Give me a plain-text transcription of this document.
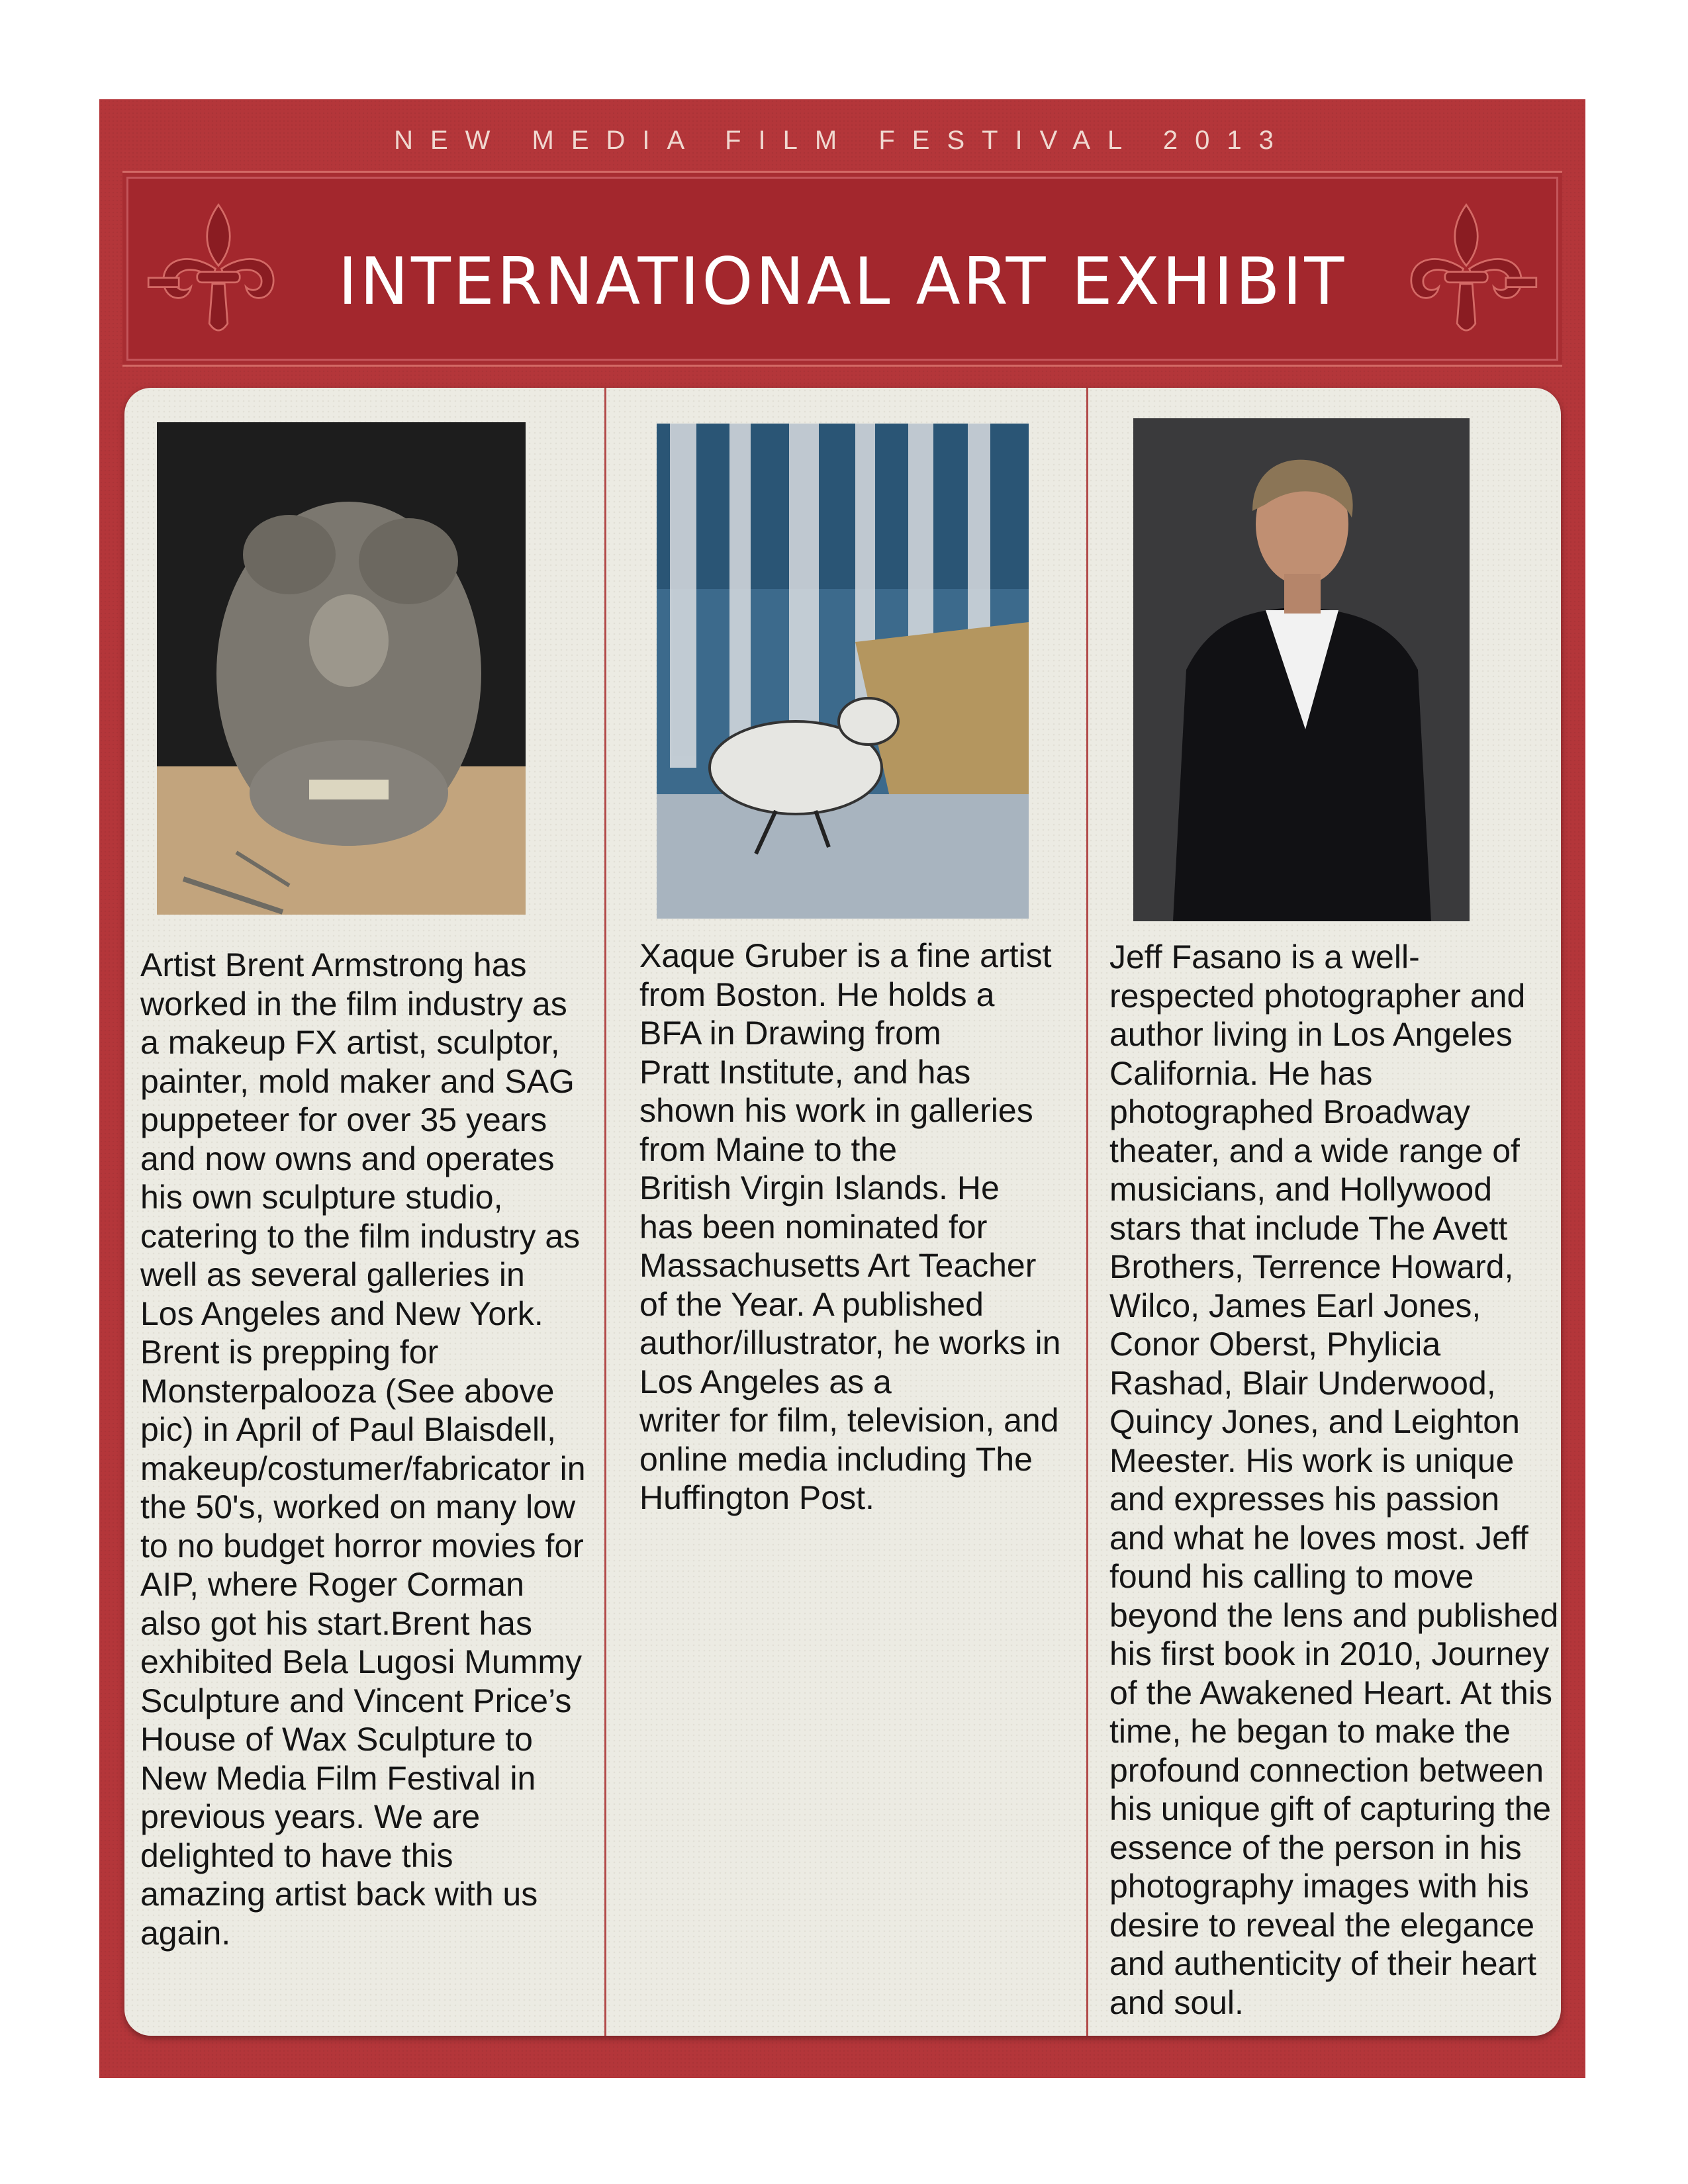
NEW MEDIA FILM FESTIVAL 2013
INTERNATIONAL ART EXHIBIT
Artist Brent Armstrong has
worked in the film industry as
a makeup FX artist, sculptor,
painter, mold maker and SAG
puppeteer for over 35 years
and now owns and operates
his own sculpture studio,
catering to the film industry as
well as several galleries in
Los Angeles and New York.
Brent is prepping for
Monsterpalooza (See above
pic) in April of Paul Blaisdell,
makeup/costumer/fabricator in
the 50's, worked on many low
to no budget horror movies for
AIP, where Roger Corman
also got his start.Brent has
exhibited Bela Lugosi Mummy
Sculpture and Vincent Price’s
House of Wax Sculpture to
New Media Film Festival in
previous years. We are
delighted to have this
amazing artist back with us
again.
Xaque Gruber is a fine artist
from Boston. He holds a
BFA in Drawing from
Pratt Institute, and has
shown his work in galleries
from Maine to the
British Virgin Islands. He
has been nominated for
Massachusetts Art Teacher
of the Year. A published
author/illustrator, he works in
Los Angeles as a
writer for film, television, and
online media including The
Huffington Post.
Jeff Fasano is a well-
respected photographer and
author living in Los Angeles
California. He has
photographed Broadway
theater, and a wide range of
musicians, and Hollywood
stars that include The Avett
Brothers, Terrence Howard,
Wilco, James Earl Jones,
Conor Oberst, Phylicia
Rashad, Blair Underwood,
Quincy Jones, and Leighton
Meester. His work is unique
and expresses his passion
and what he loves most. Jeff
found his calling to move
beyond the lens and published
his first book in 2010, Journey
of the Awakened Heart. At this
time, he began to make the
profound connection between
his unique gift of capturing the
essence of the person in his
photography images with his
desire to reveal the elegance
and authenticity of their heart
and soul.
